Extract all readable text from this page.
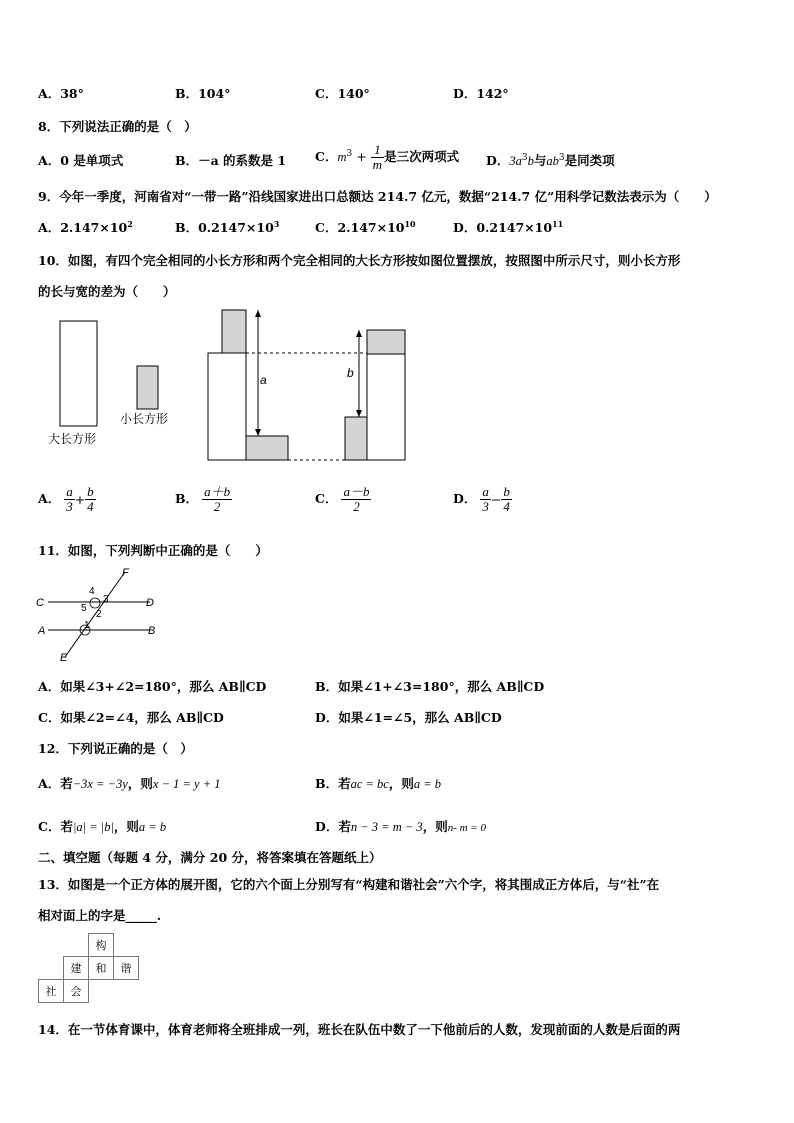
A．38°	B．104°	C．140°	D．142°
8．下列说法正确的是（　）
A．0 是单项式	B．－a 的系数是 1 C．$m^3 + \frac{1}{m}$ 是三次两项式 D．$3a^3b$与$ab^3$是同类项
9．今年一季度，河南省对“一带一路”沿线国家进出口总额达 214.7 亿元，数据“214.7 亿”用科学记数法表示为（　　）
A．$2.147\times 10^2$	B．$0.2147\times 10^3$	C．$2.147\times 10^{10}$	D．$0.2147\times 10^{11}$
10．如图，有四个完全相同的小长方形和两个完全相同的大长方形按如图位置摆放，按照图中所示尺寸，则小长方形
的长与宽的差为（　　）
大长方形
小长方形
a	b
A． $\frac{a}{3} + \frac{b}{4}$	B． $\frac{a+b}{2}$	C． $\frac{a-b}{2}$	D． $\frac{a}{3} - \frac{b}{4}$
11．如图，下列判断中正确的是（　　）
F
C	D
A	B
E
4
3
5
2
1
A．如果∠3+∠2=180°，那么 AB∥CD	B．如果∠1+∠3=180°，那么 AB∥CD
C．如果∠2=∠4，那么 AB∥CD	D．如果∠1=∠5，那么 AB∥CD
12．下列说正确的是（　）
A．若−3x = −3y，则x − 1 = y + 1	B．若ac = bc，则a = b
C．若|a| = |b|，则a = b	D．若n − 3 = m − 3，则n- m = 0
二、填空题（每题 4 分，满分 20 分，将答案填在答题纸上）
13．如图是一个正方体的展开图，它的六个面上分别写有“构建和谐社会”六个字，将其围成正方体后，与“社”在
相对面上的字是_____.
		构	
	建	和	谐
社	会		
14．在一节体育课中，体育老师将全班排成一列，班长在队伍中数了一下他前后的人数，发现前面的人数是后面的两
